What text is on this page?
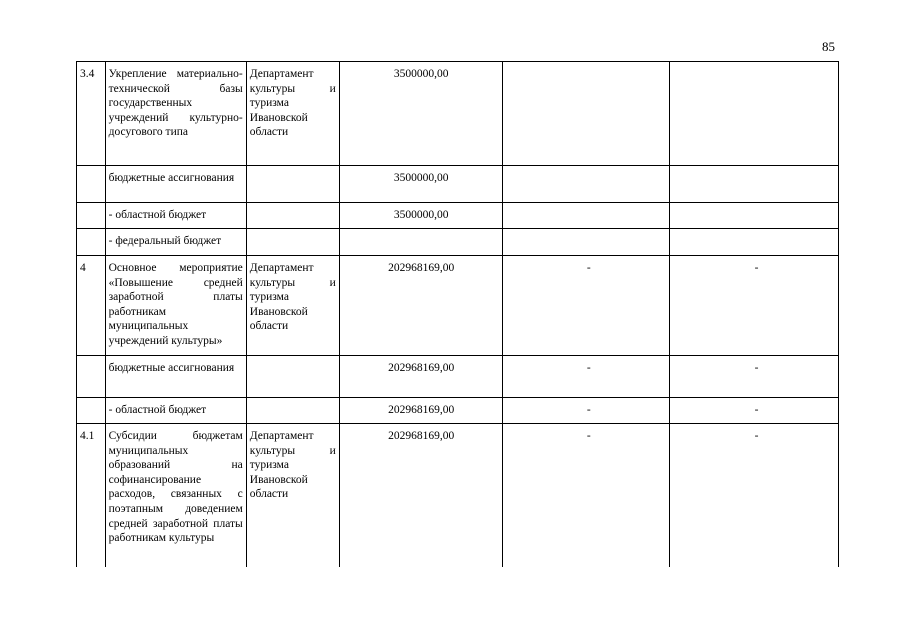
85
3.4	Укрепление материально-технической базы государственных учреждений культурно-досугового типа	Департамент культуры и туризма Ивановской области	3500000,00		
	бюджетные ассигнования		3500000,00		
	- областной бюджет		3500000,00		
	- федеральный бюджет				
4	Основное мероприятие «Повышение средней заработной платы работникам муниципальных учреждений культуры»	Департамент культуры и туризма Ивановской области	202968169,00	-	-
	бюджетные ассигнования		202968169,00	-	-
	- областной бюджет		202968169,00	-	-
4.1	Субсидии бюджетам муниципальных образований на софинансирование расходов, связанных с поэтапным доведением средней заработной платы работникам культуры	Департамент культуры и туризма Ивановской области	202968169,00	-	-
